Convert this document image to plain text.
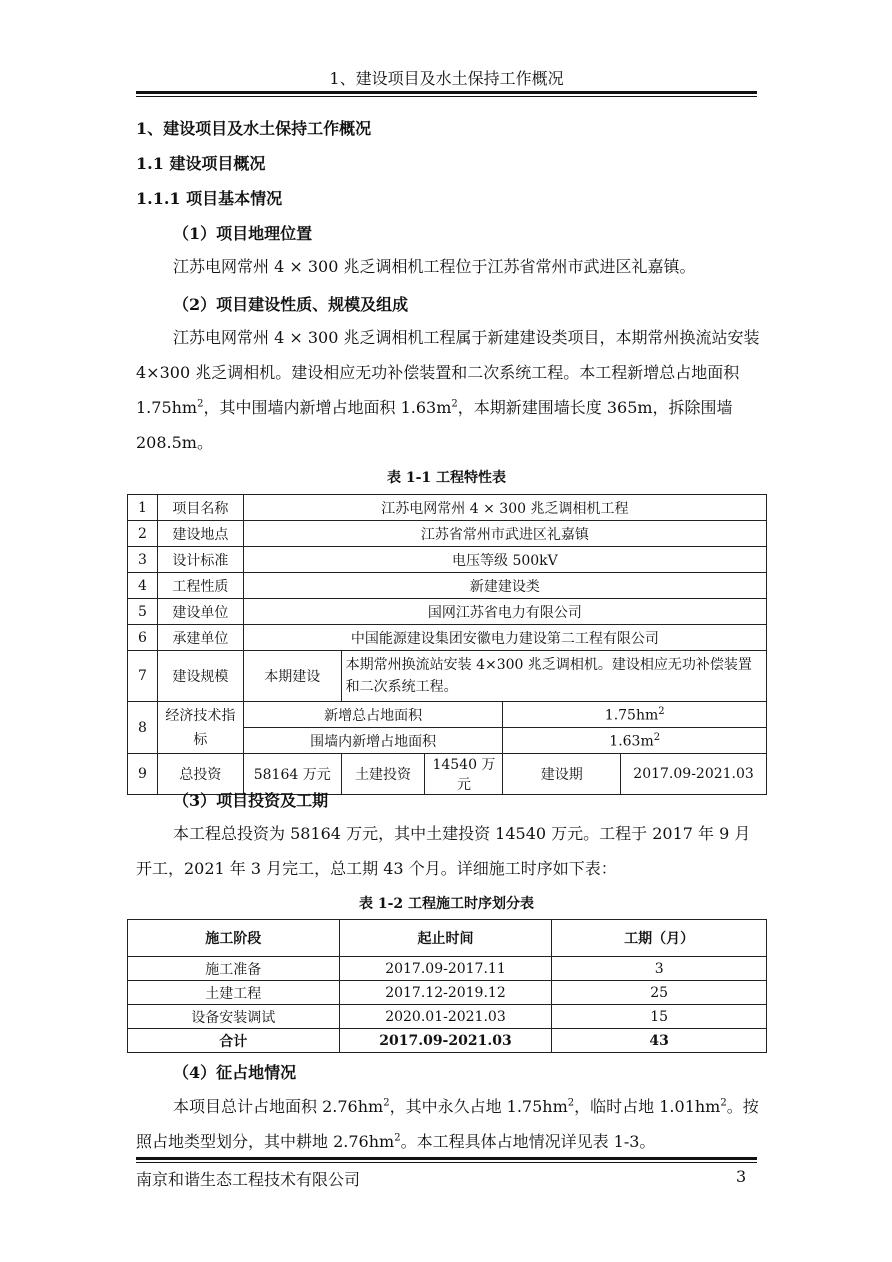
1、建设项目及水土保持工作概况
1、建设项目及水土保持工作概况
1.1 建设项目概况
1.1.1 项目基本情况
（1）项目地理位置
江苏电网常州 4 × 300 兆乏调相机工程位于江苏省常州市武进区礼嘉镇。
（2）项目建设性质、规模及组成
江苏电网常州 4 × 300 兆乏调相机工程属于新建建设类项目，本期常州换流站安装 4×300 兆乏调相机。建设相应无功补偿装置和二次系统工程。本工程新增总占地面积 $1.75hm^2$，其中围墙内新增占地面积 $1.63m^2$，本期新建围墙长度 365m，拆除围墙 208.5m。
表 1-1 工程特性表
1	项目名称	江苏电网常州 4 × 300 兆乏调相机工程				
2	建设地点	江苏省常州市武进区礼嘉镇				
3	设计标准	电压等级 500kV				
4	工程性质	新建建设类				
5	建设单位	国网江苏省电力有限公司				
6	承建单位	中国能源建设集团安徽电力建设第二工程有限公司				
7	建设规模	本期建设	本期常州换流站安装 4×300 兆乏调相机。建设相应无功补偿装置和二次系统工程。			
8	经济技术指标	新增总占地面积			$1.75hm^2$
		围墙内新增占地面积			$1.63m^2$
9	总投资	58164 万元	土建投资	14540 万元	建设期	2017.09-2021.03
（3）项目投资及工期
本工程总投资为 58164 万元，其中土建投资 14540 万元。工程于 2017 年 9 月开工，2021 年 3 月完工，总工期 43 个月。详细施工时序如下表：
表 1-2 工程施工时序划分表
施工阶段	起止时间	工期（月）
施工准备	2017.09-2017.11	3
土建工程	2017.12-2019.12	25
设备安装调试	2020.01-2021.03	15
合计	2017.09-2021.03	43
（4）征占地情况
本项目总计占地面积 $2.76hm^2$，其中永久占地 $1.75hm^2$，临时占地 $1.01hm^2$。按照占地类型划分，其中耕地 $2.76hm^2$。本工程具体占地情况详见表 1-3。
南京和谐生态工程技术有限公司	3
